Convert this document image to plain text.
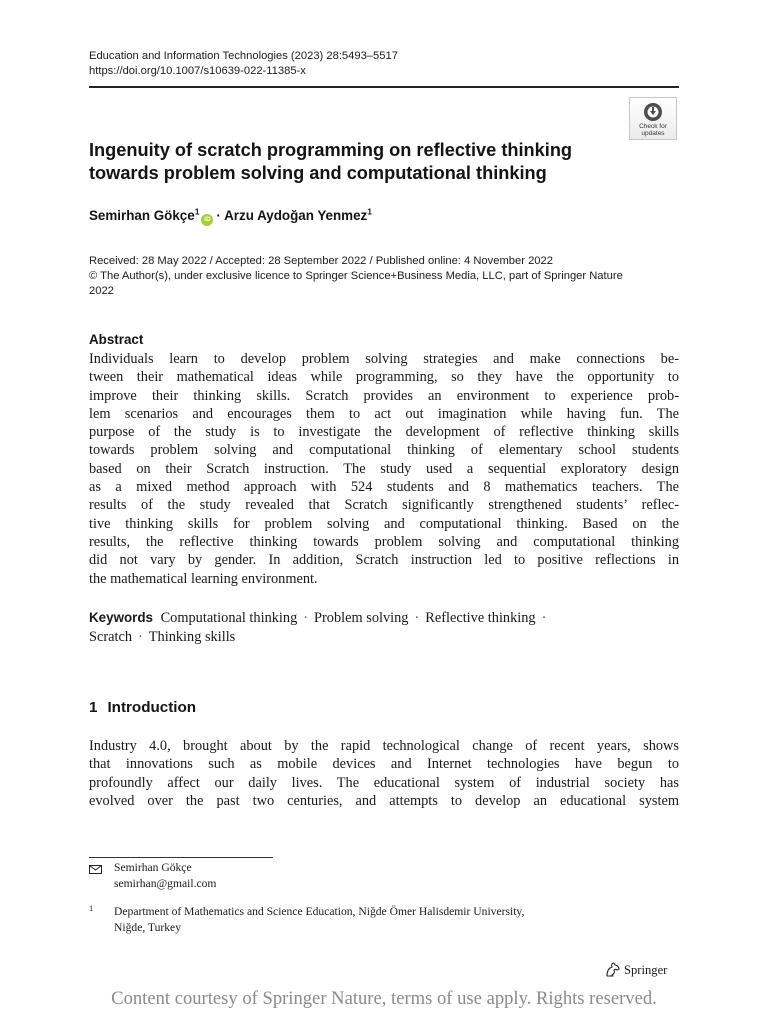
Education and Information Technologies (2023) 28:5493–5517
https://doi.org/10.1007/s10639-022-11385-x
Check for
updates
Ingenuity of scratch programming on reflective thinking towards problem solving and computational thinking
Semirhan Gökçe$^1$iD · Arzu Aydoğan Yenmez$^1$
Received: 28 May 2022 / Accepted: 28 September 2022 / Published online: 4 November 2022
© The Author(s), under exclusive licence to Springer Science+Business Media, LLC, part of Springer Nature
2022
Abstract
Individuals learn to develop problem solving strategies and make connections be-
tween their mathematical ideas while programming, so they have the opportunity to
improve their thinking skills. Scratch provides an environment to experience prob-
lem scenarios and encourages them to act out imagination while having fun. The
purpose of the study is to investigate the development of reflective thinking skills
towards problem solving and computational thinking of elementary school students
based on their Scratch instruction. The study used a sequential exploratory design
as a mixed method approach with 524 students and 8 mathematics teachers. The
results of the study revealed that Scratch significantly strengthened students’ reflec-
tive thinking skills for problem solving and computational thinking. Based on the
results, the reflective thinking towards problem solving and computational thinking
did not vary by gender. In addition, Scratch instruction led to positive reflections in
the mathematical learning environment.
Keywords Computational thinking · Problem solving · Reflective thinking ·
Scratch · Thinking skills
1 Introduction
Industry 4.0, brought about by the rapid technological change of recent years, shows
that innovations such as mobile devices and Internet technologies have begun to
profoundly affect our daily lives. The educational system of industrial society has
evolved over the past two centuries, and attempts to develop an educational system
Semirhan Gökçe
semirhan@gmail.com
1 Department of Mathematics and Science Education, Niğde Ömer Halisdemir University,
Niğde, Turkey
Springer
Content courtesy of Springer Nature, terms of use apply. Rights reserved.
